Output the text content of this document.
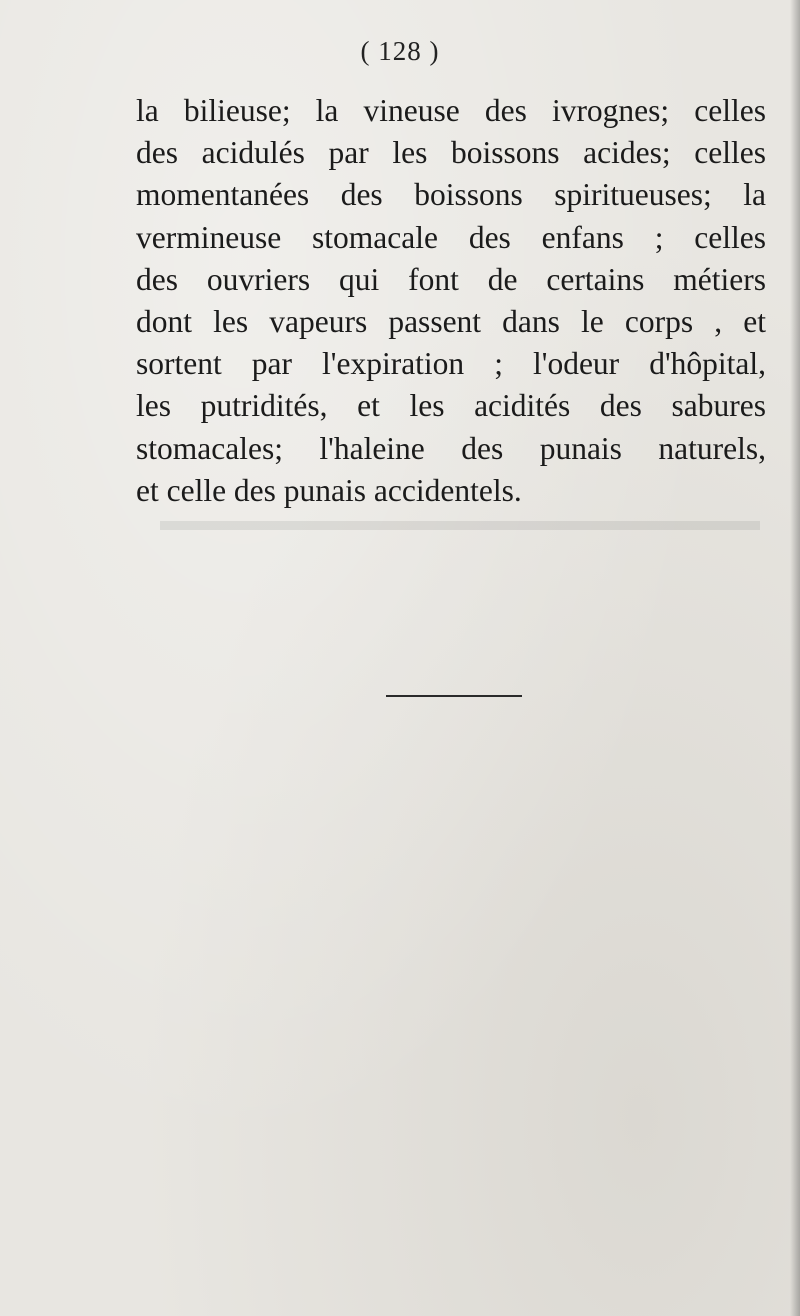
▬▬▬▬▬▬▬▬▬▬▬▬▬▬▬▬▬▬▬▬
( 128 )
la bilieuse; la vineuse des ivrognes; celles
des acidulés par les boissons acides; celles
momentanées des boissons spiritueuses; la
vermineuse stomacale des enfans ; celles
des ouvriers qui font de certains métiers
dont les vapeurs passent dans le corps , et
sortent par l'expiration ; l'odeur d'hôpital,
les putridités, et les acidités des sabures
stomacales; l'haleine des punais naturels,
et celle des punais accidentels.
